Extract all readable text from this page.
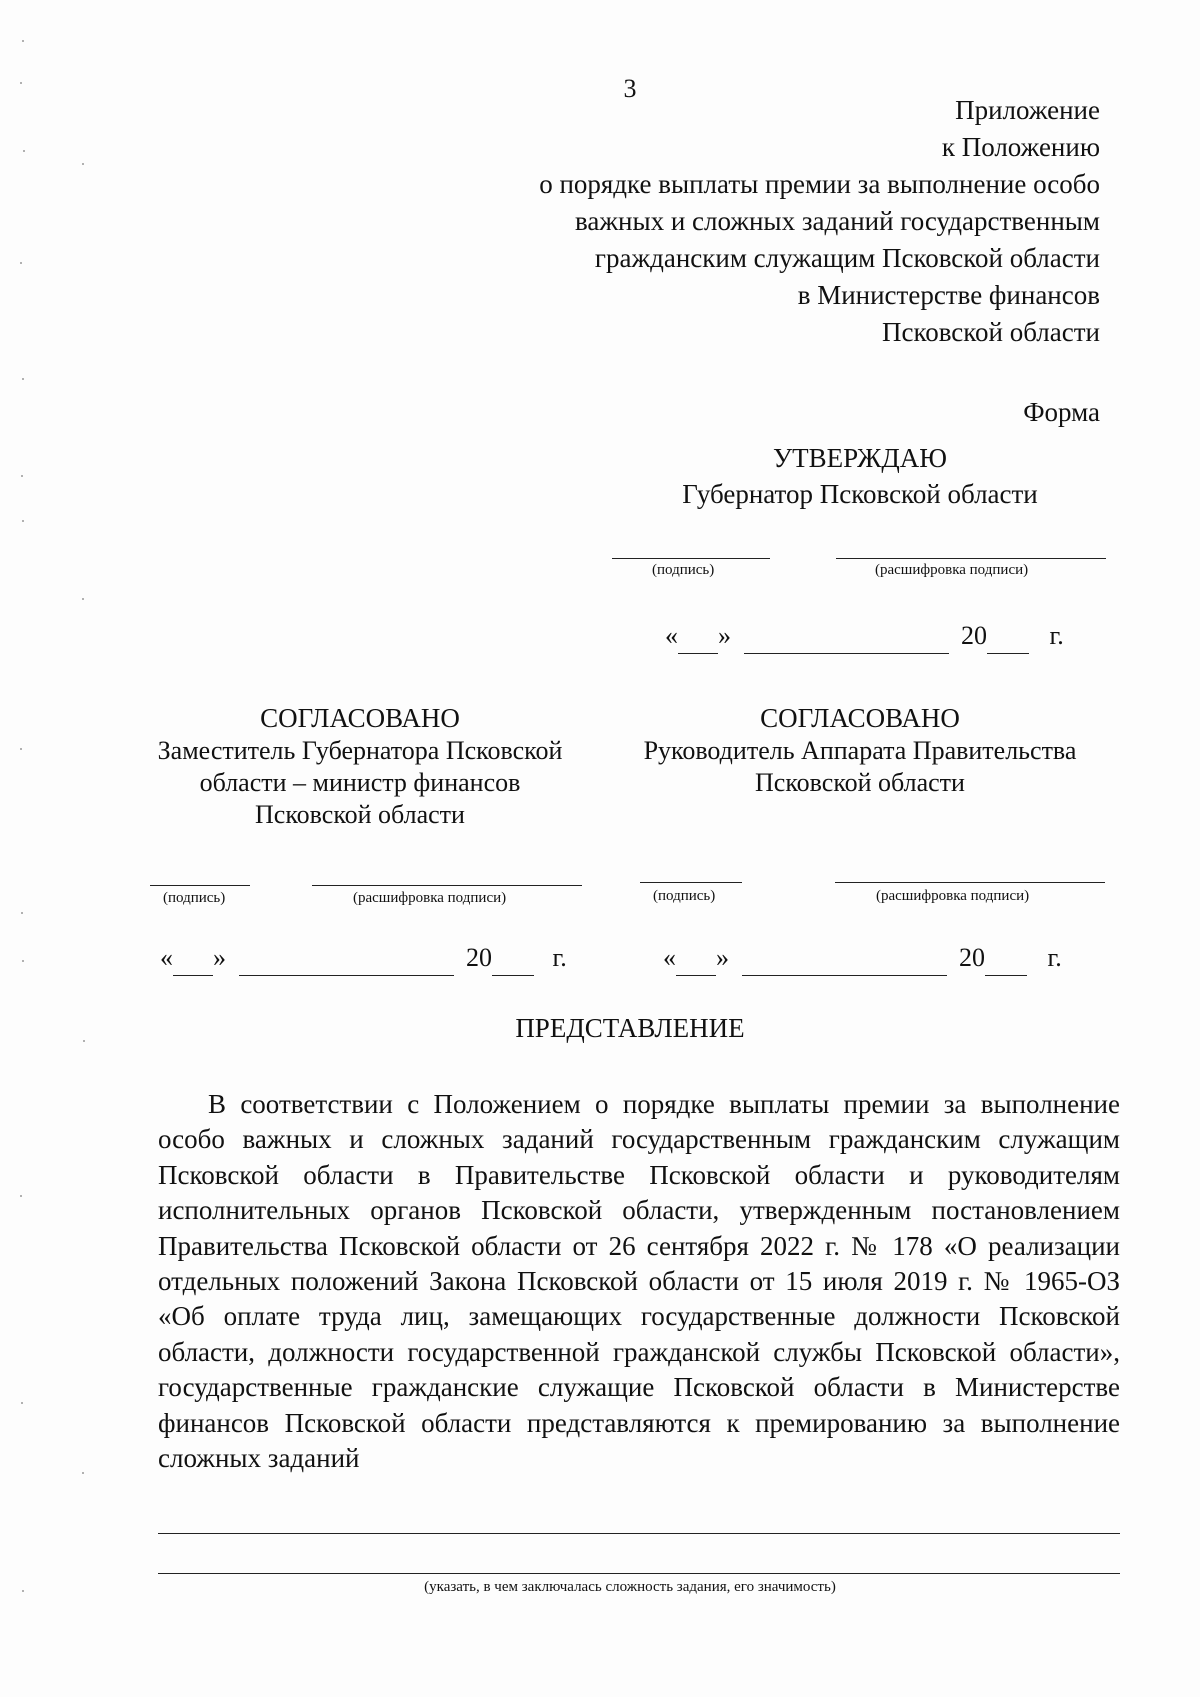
3
Приложение
к Положению
о порядке выплаты премии за выполнение особо
важных и сложных заданий государственным
гражданским служащим Псковской области
в Министерстве финансов
Псковской области
Форма
УТВЕРЖДАЮ
Губернатор Псковской области
(подпись)	(расшифровка подписи)
« »	20 г.
СОГЛАСОВАНО
Заместитель Губернатора Псковской
области – министр финансов
Псковской области
СОГЛАСОВАНО
Руководитель Аппарата Правительства
Псковской области
(подпись)	(расшифровка подписи)	(подпись)	(расшифровка подписи)
« »	20 г.	« »	20 г.
ПРЕДСТАВЛЕНИЕ

В соответствии с Положением о порядке выплаты премии за выполнение особо важных и сложных заданий государственным гражданским служащим Псковской области в Правительстве Псковской области и руководителям исполнительных органов Псковской области, утвержденным постановлением Правительства Псковской области от 26 сентября 2022 г. № 178 «О реализации отдельных положений Закона Псковской области от 15 июля 2019 г. № 1965-ОЗ «Об оплате труда лиц, замещающих государственные должности Псковской области, должности государственной гражданской службы Псковской области», государственные гражданские служащие Псковской области в Министерстве финансов Псковской области представляются к премированию за выполнение сложных заданий

(указать, в чем заключалась сложность задания, его значимость)
